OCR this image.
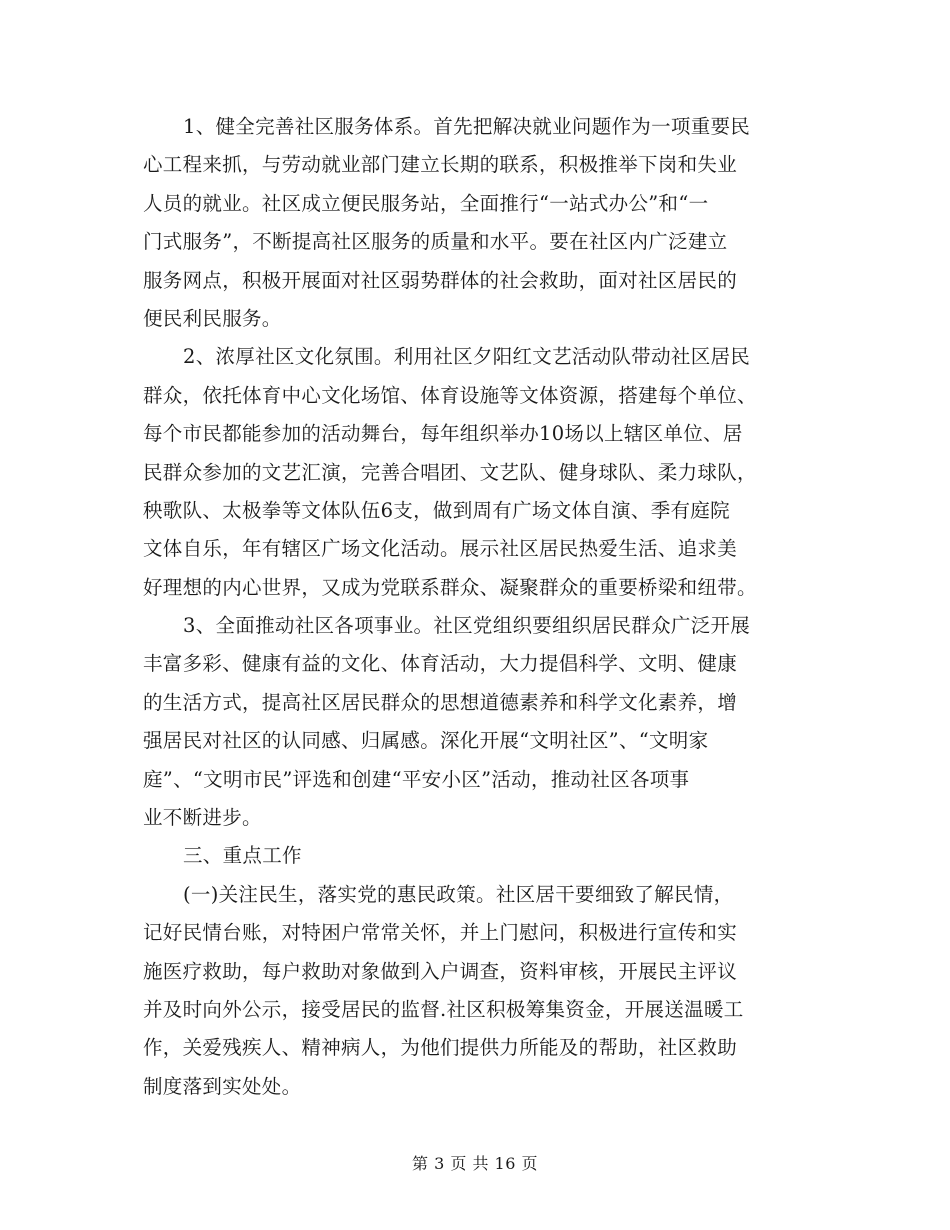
1、健全完善社区服务体系。首先把解决就业问题作为一项重要民
心工程来抓，与劳动就业部门建立长期的联系，积极推举下岗和失业
人员的就业。社区成立便民服务站，全面推行“一站式办公”和“一
门式服务”，不断提高社区服务的质量和水平。要在社区内广泛建立
服务网点，积极开展面对社区弱势群体的社会救助，面对社区居民的
便民利民服务。
2、浓厚社区文化氛围。利用社区夕阳红文艺活动队带动社区居民
群众，依托体育中心文化场馆、体育设施等文体资源，搭建每个单位、
每个市民都能参加的活动舞台，每年组织举办10场以上辖区单位、居
民群众参加的文艺汇演，完善合唱团、文艺队、健身球队、柔力球队，
秧歌队、太极拳等文体队伍6支，做到周有广场文体自演、季有庭院
文体自乐，年有辖区广场文化活动。展示社区居民热爱生活、追求美
好理想的内心世界，又成为党联系群众、凝聚群众的重要桥梁和纽带。
3、全面推动社区各项事业。社区党组织要组织居民群众广泛开展
丰富多彩、健康有益的文化、体育活动，大力提倡科学、文明、健康
的生活方式，提高社区居民群众的思想道德素养和科学文化素养，增
强居民对社区的认同感、归属感。深化开展“文明社区”、“文明家
庭”、“文明市民”评选和创建“平安小区”活动，推动社区各项事
业不断进步。
三、重点工作
(一)关注民生，落实党的惠民政策。社区居干要细致了解民情，
记好民情台账，对特困户常常关怀，并上门慰问，积极进行宣传和实
施医疗救助，每户救助对象做到入户调查，资料审核，开展民主评议
并及时向外公示，接受居民的监督.社区积极筹集资金，开展送温暖工
作，关爱残疾人、精神病人，为他们提供力所能及的帮助，社区救助
制度落到实处处。
第 3 页 共 16 页
